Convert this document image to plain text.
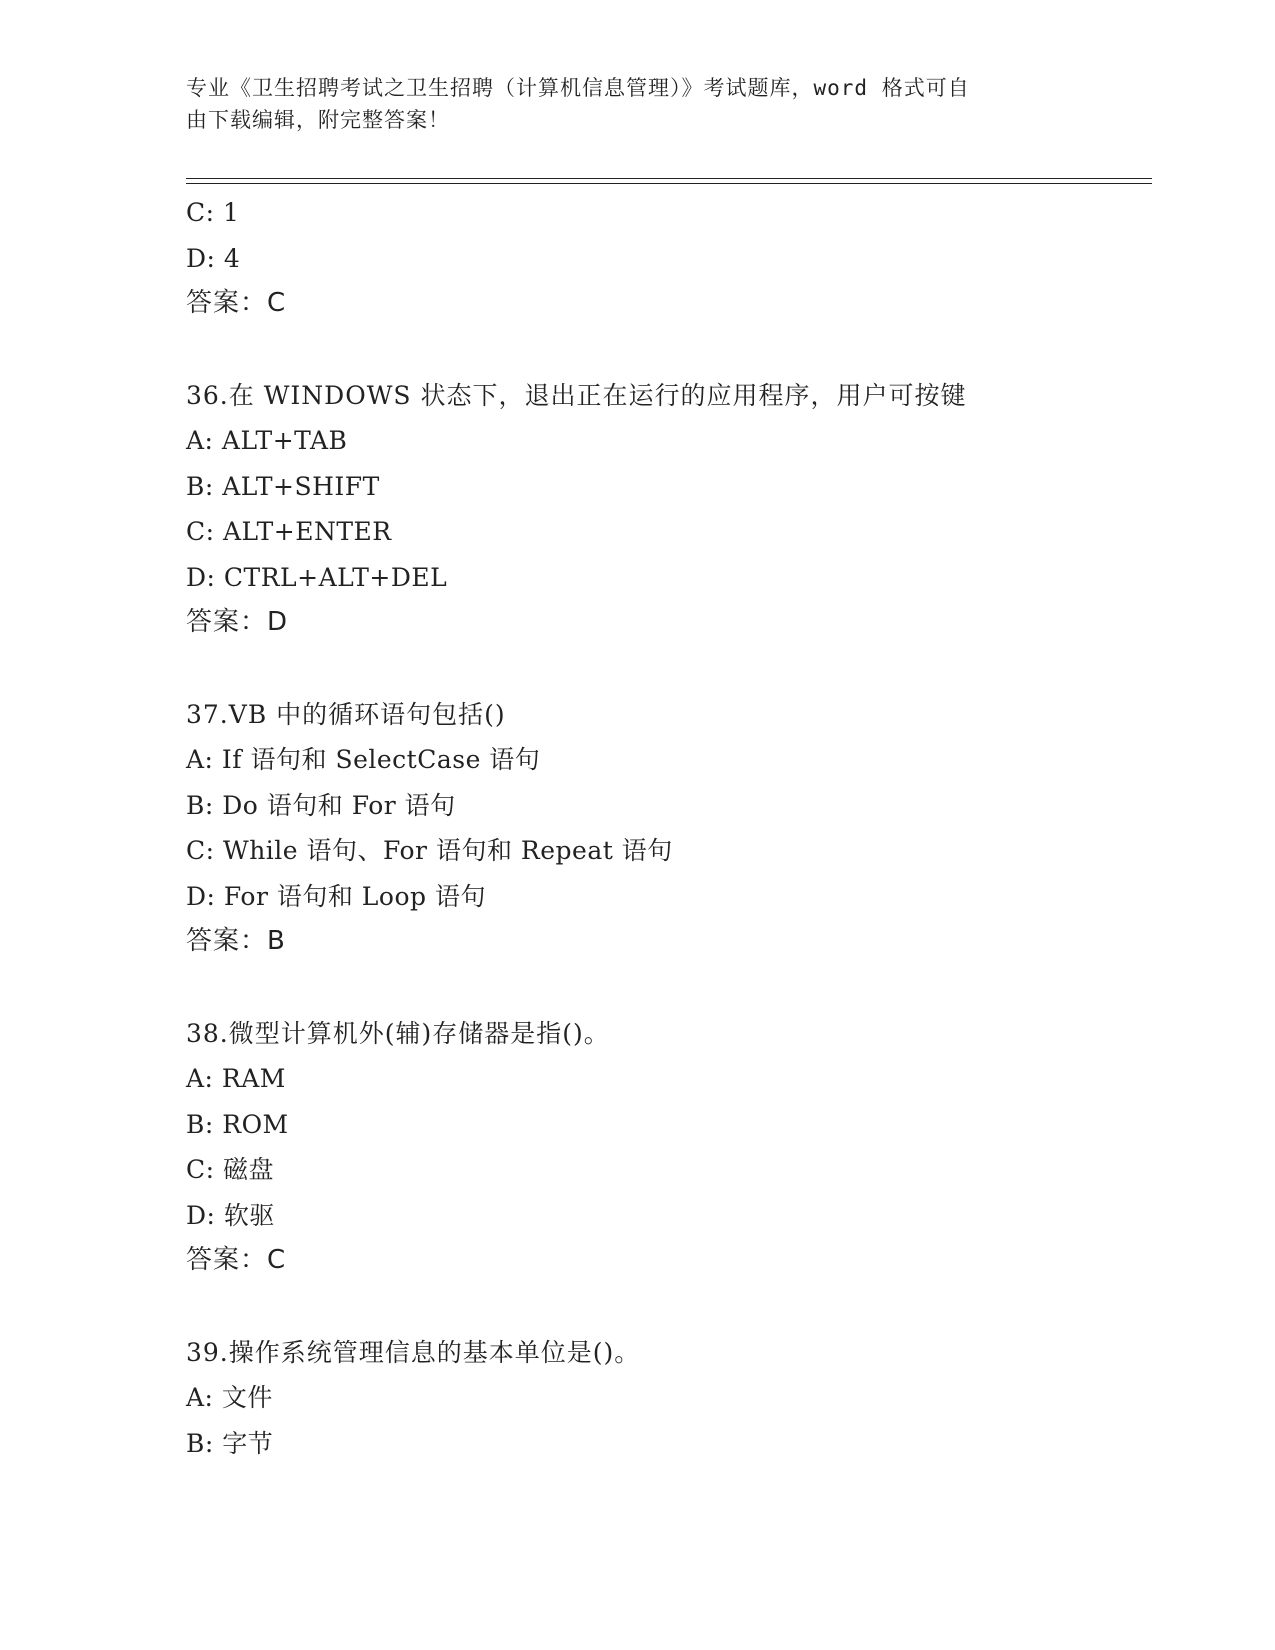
专业《卫生招聘考试之卫生招聘（计算机信息管理）》考试题库，word 格式可自
由下载编辑，附完整答案！
C: 1
D: 4
答案：C
36.在 WINDOWS 状态下，退出正在运行的应用程序，用户可按键
A: ALT+TAB
B: ALT+SHIFT
C: ALT+ENTER
D: CTRL+ALT+DEL
答案：D
37.VB 中的循环语句包括()
A: If 语句和 SelectCase 语句
B: Do 语句和 For 语句
C: While 语句、For 语句和 Repeat 语句
D: For 语句和 Loop 语句
答案：B
38.微型计算机外(辅)存储器是指()。
A: RAM
B: ROM
C: 磁盘
D: 软驱
答案：C
39.操作系统管理信息的基本单位是()。
A: 文件
B: 字节
